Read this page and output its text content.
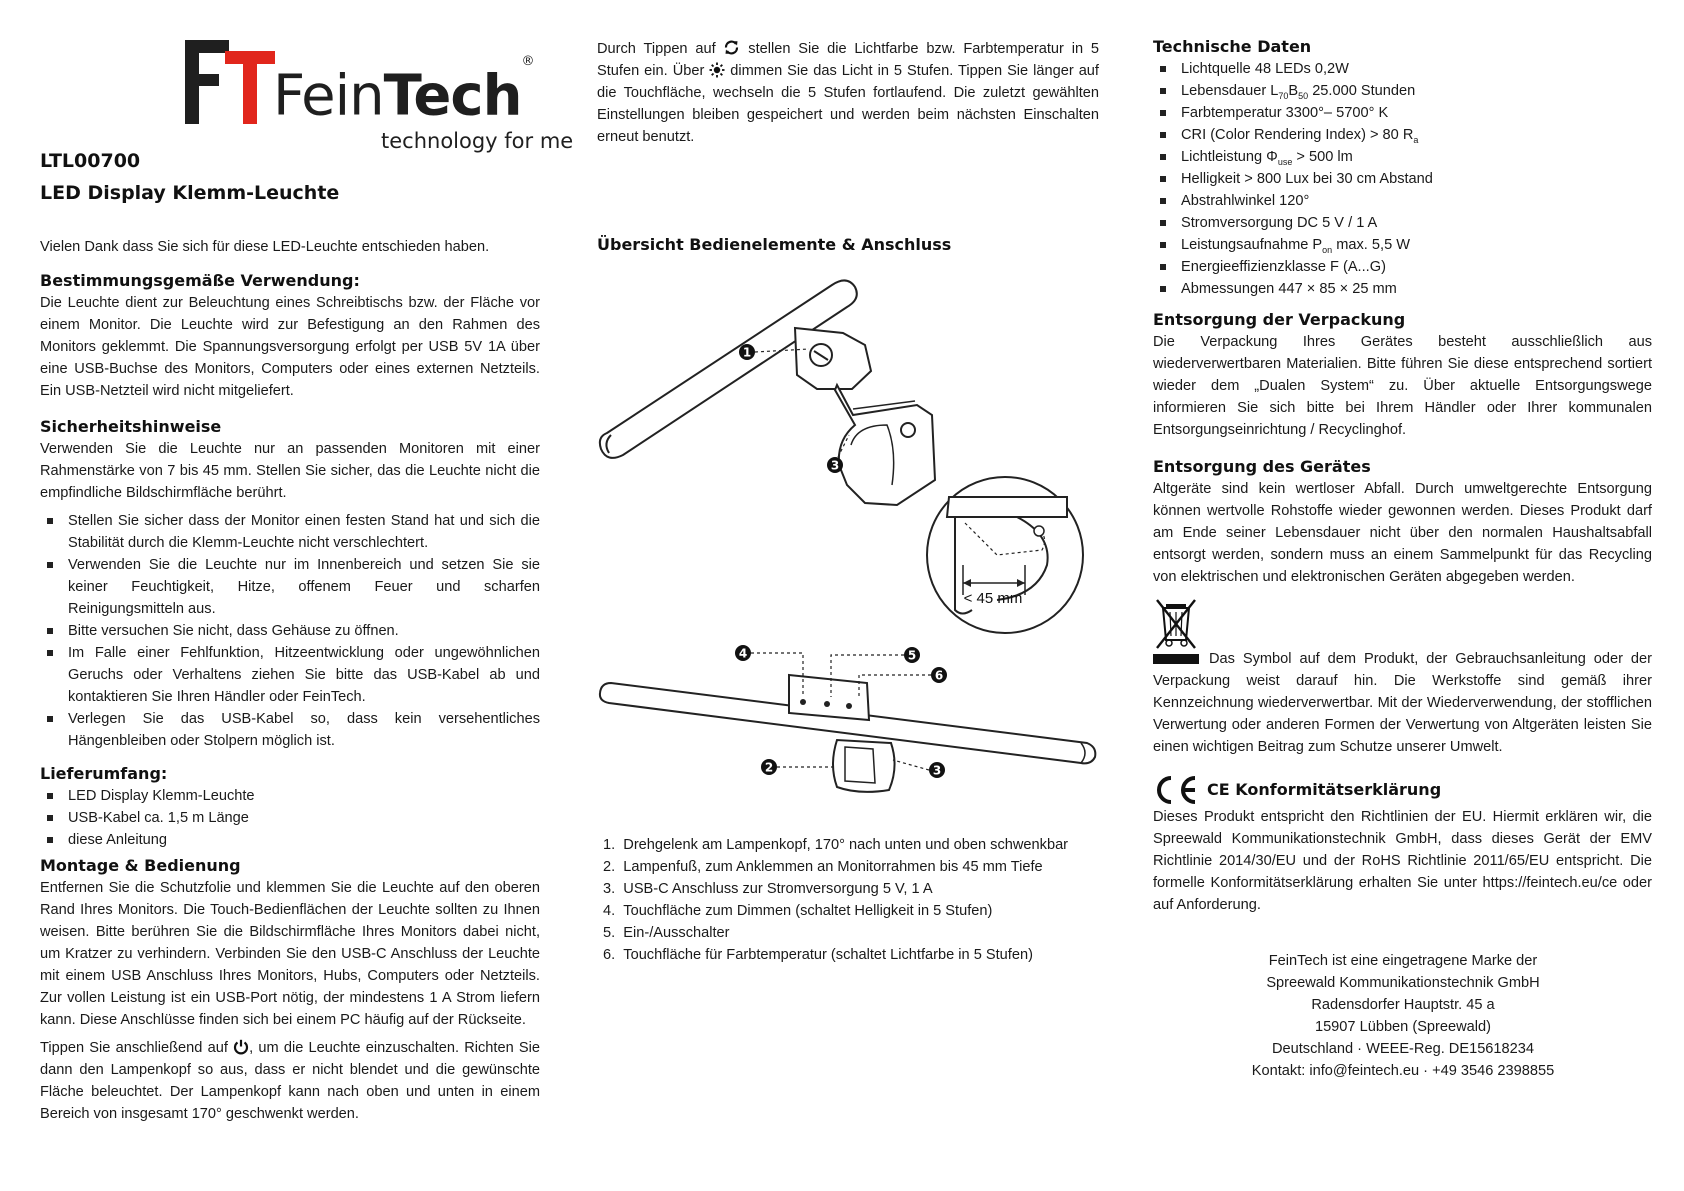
FeinTech®
technology for me
LTL00700
LED Display Klemm-Leuchte

Vielen Dank dass Sie sich für diese LED-Leuchte entschieden haben.

Bestimmungsgemäße Verwendung:

Die Leuchte dient zur Beleuchtung eines Schreibtischs bzw. der Fläche vor einem Monitor. Die Leuchte wird zur Befestigung an den Rahmen des Monitors geklemmt. Die Spannungsversorgung erfolgt per USB 5V 1A über eine USB-Buchse des Monitors, Computers oder eines externen Netzteils. Ein USB-Netzteil wird nicht mitgeliefert.

Sicherheitshinweise

Verwenden Sie die Leuchte nur an passenden Monitoren mit einer Rahmenstärke von 7 bis 45 mm. Stellen Sie sicher, das die Leuchte nicht die empfindliche Bildschirmfläche berührt.

Stellen Sie sicher dass der Monitor einen festen Stand hat und sich die Stabilität durch die Klemm-Leuchte nicht verschlechtert.
Verwenden Sie die Leuchte nur im Innenbereich und setzen Sie sie keiner Feuchtigkeit, Hitze, offenem Feuer und scharfen Reinigungsmitteln aus.
Bitte versuchen Sie nicht, dass Gehäuse zu öffnen.
Im Falle einer Fehlfunktion, Hitzeentwicklung oder ungewöhnlichen Geruchs oder Verhaltens ziehen Sie bitte das USB-Kabel ab und kontaktieren Sie Ihren Händler oder FeinTech.
Verlegen Sie das USB-Kabel so, dass kein versehentliches Hängenbleiben oder Stolpern möglich ist.
Lieferumfang:
LED Display Klemm-Leuchte
USB-Kabel ca. 1,5 m Länge
diese Anleitung
Montage & Bedienung

Entfernen Sie die Schutzfolie und klemmen Sie die Leuchte auf den oberen Rand Ihres Monitors. Die Touch-Bedienflächen der Leuchte sollten zu Ihnen weisen. Bitte berühren Sie die Bildschirmfläche Ihres Monitors dabei nicht, um Kratzer zu verhindern. Verbinden Sie den USB-C Anschluss der Leuchte mit einem USB Anschluss Ihres Monitors, Hubs, Computers oder Netzteils. Zur vollen Leistung ist ein USB-Port nötig, der mindestens 1 A Strom liefern kann. Diese Anschlüsse finden sich bei einem PC häufig auf der Rückseite.

Tippen Sie anschließend auf , um die Leuchte einzuschalten. Richten Sie dann den Lampenkopf so aus, dass er nicht blendet und die gewünschte Fläche beleuchtet. Der Lampenkopf kann nach oben und unten in einem Bereich von insgesamt 170° geschwenkt werden.

Durch Tippen auf stellen Sie die Lichtfarbe bzw. Farbtemperatur in 5 Stufen ein. Über dimmen Sie das Licht in 5 Stufen. Tippen Sie länger auf die Touchfläche, wechseln die 5 Stufen fortlaufend. Die zuletzt gewählten Einstellungen bleiben gespeichert und werden beim nächsten Einschalten erneut benutzt.

Übersicht Bedienelemente & Anschluss
1
3
< 45 mm
4	5
6
2	3
1. Drehgelenk am Lampenkopf, 170° nach unten und oben schwenkbar
2. Lampenfuß, zum Anklemmen an Monitorrahmen bis 45 mm Tiefe
3. USB-C Anschluss zur Stromversorgung 5 V, 1 A
4. Touchfläche zum Dimmen (schaltet Helligkeit in 5 Stufen)
5. Ein-/Ausschalter
6. Touchfläche für Farbtemperatur (schaltet Lichtfarbe in 5 Stufen)
Technische Daten
Lichtquelle 48 LEDs 0,2W
Lebensdauer $L_{70}B_{50}$ 25.000 Stunden
Farbtemperatur 3300°– 5700° K
CRI (Color Rendering Index) > 80 $R_a$
Lichtleistung $\Phi_{use} > 500$ lm
Helligkeit > 800 Lux bei 30 cm Abstand
Abstrahlwinkel 120°
Stromversorgung DC 5 V / 1 A
Leistungsaufnahme $P_{on}$ max. 5,5 W
Energieeffizienzklasse F (A...G)
Abmessungen 447 × 85 × 25 mm
Entsorgung der Verpackung

Die Verpackung Ihres Gerätes besteht ausschließlich aus wiederverwertbaren Materialien. Bitte führen Sie diese entsprechend sortiert wieder dem „Dualen System“ zu. Über aktuelle Entsorgungswege informieren Sie sich bitte bei Ihrem Händler oder Ihrer kommunalen Entsorgungseinrichtung / Recyclinghof.

Entsorgung des Gerätes

Altgeräte sind kein wertloser Abfall. Durch umweltgerechte Entsorgung können wertvolle Rohstoffe wieder gewonnen werden. Dieses Produkt darf am Ende seiner Lebensdauer nicht über den normalen Haushaltsabfall entsorgt werden, sondern muss an einem Sammelpunkt für das Recycling von elektrischen und elektronischen Geräten abgegeben werden.

Das Symbol auf dem Produkt, der Gebrauchsanleitung oder der Verpackung weist darauf hin. Die Werkstoffe sind gemäß ihrer Kennzeichnung wiederverwertbar. Mit der Wiederverwendung, der stofflichen Verwertung oder anderen Formen der Verwertung von Altgeräten leisten Sie einen wichtigen Beitrag zum Schutze unserer Umwelt.

CE Konformitätserklärung

Dieses Produkt entspricht den Richtlinien der EU. Hiermit erklären wir, die Spreewald Kommunikationstechnik GmbH, dass dieses Gerät der EMV Richtlinie 2014/30/EU und der RoHS Richtlinie 2011/65/EU entspricht. Die formelle Konformitätserklärung erhalten Sie unter https://feintech.eu/ce oder auf Anforderung.

FeinTech ist eine eingetragene Marke der
Spreewald Kommunikationstechnik GmbH
Radensdorfer Hauptstr. 45 a
15907 Lübben (Spreewald)
Deutschland · WEEE-Reg. DE15618234
Kontakt: info@feintech.eu · +49 3546 2398855
